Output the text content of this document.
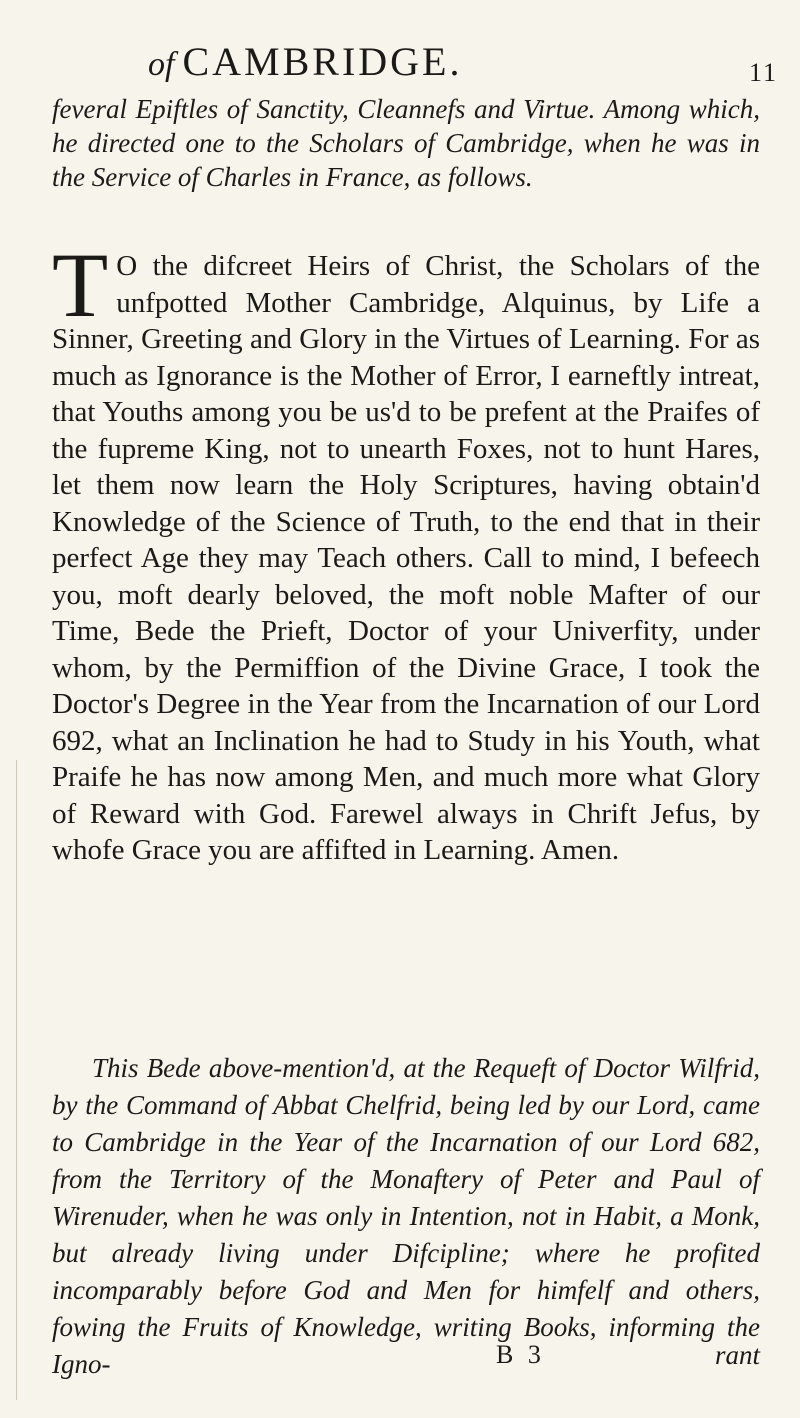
of CAMBRIDGE.	11

feveral Epiftles of Sanctity, Cleannefs and Virtue. Among which, he directed one to the Scholars of Cambridge, when he was in the Service of Charles in France, as follows.

T O the difcreet Heirs of Christ, the Scholars of the unfpotted Mother Cambridge, Alquinus, by Life a Sinner, Greeting and Glory in the Virtues of Learning. For as much as Ignorance is the Mother of Error, I earneftly intreat, that Youths among you be us'd to be prefent at the Praifes of the fupreme King, not to unearth Foxes, not to hunt Hares, let them now learn the Holy Scriptures, having obtain'd Knowledge of the Science of Truth, to the end that in their perfect Age they may Teach others. Call to mind, I befeech you, moft dearly beloved, the moft noble Mafter of our Time, Bede the Prieft, Doctor of your Univerfity, under whom, by the Permiffion of the Divine Grace, I took the Doctor's Degree in the Year from the Incarnation of our Lord 692, what an Inclination he had to Study in his Youth, what Praife he has now among Men, and much more what Glory of Reward with God. Farewel always in Chrift Jefus, by whofe Grace you are affifted in Learning. Amen.

This Bede above-mention'd, at the Requeft of Doctor Wilfrid, by the Command of Abbat Chelfrid, being led by our Lord, came to Cambridge in the Year of the Incarnation of our Lord 682, from the Territory of the Monaftery of Peter and Paul of Wirenuder, when he was only in Intention, not in Habit, a Monk, but already living under Difcipline; where he profited incomparably before God and Men for himfelf and others, fowing the Fruits of Knowledge, writing Books, informing the Igno-	B 3	rant
